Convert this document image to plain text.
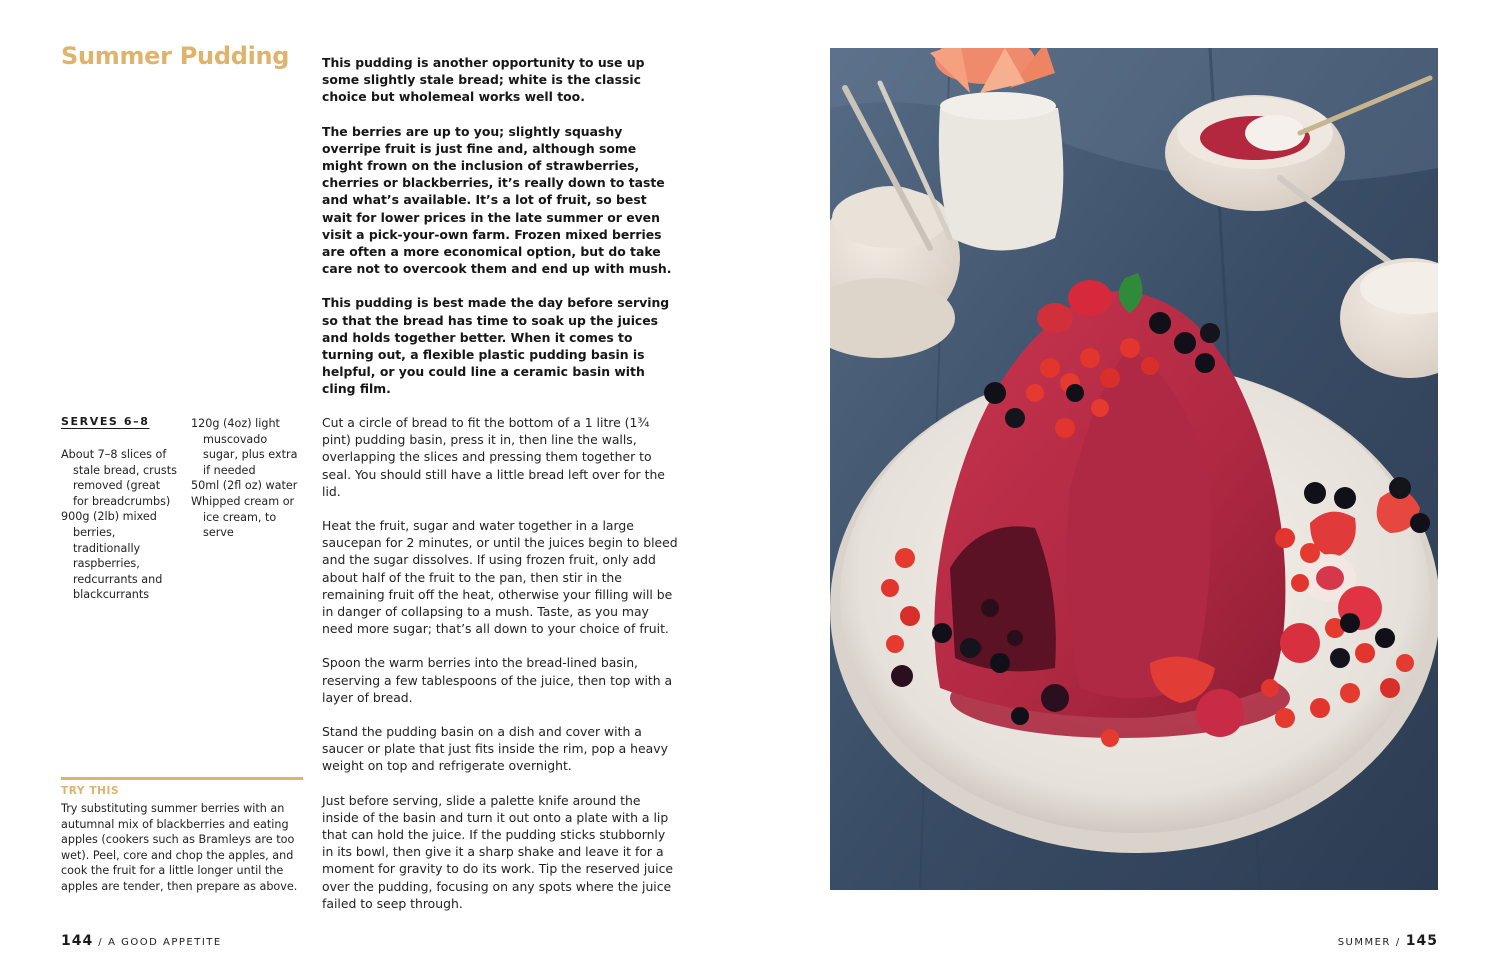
Summer Pudding	This pudding is another opportunity to use up some slightly stale bread; white is the classic choice but wholemeal works well too.

The berries are up to you; slightly squashy overripe fruit is just fine and, although some might frown on the inclusion of strawberries, cherries or blackberries, it’s really down to taste and what’s available. It’s a lot of fruit, so best wait for lower prices in the late summer or even visit a pick-your-own farm. Frozen mixed berries are often a more economical option, but do take care not to overcook them and end up with mush.

This pudding is best made the day before serving so that the bread has time to soak up the juices and holds together better. When it comes to turning out, a flexible plastic pudding basin is helpful, or you could line a ceramic basin with cling film.

SERVES 6–8
About 7–8 slices of stale bread, crusts removed (great for breadcrumbs)
900g (2lb) mixed berries, traditionally raspberries, redcurrants and blackcurrants
120g (4oz) light muscovado sugar, plus extra if needed
50ml (2fl oz) water
Whipped cream or ice cream, to serve

Cut a circle of bread to fit the bottom of a 1 litre (1¾ pint) pudding basin, press it in, then line the walls, overlapping the slices and pressing them together to seal. You should still have a little bread left over for the lid.

Heat the fruit, sugar and water together in a large saucepan for 2 minutes, or until the juices begin to bleed and the sugar dissolves. If using frozen fruit, only add about half of the fruit to the pan, then stir in the remaining fruit off the heat, otherwise your filling will be in danger of collapsing to a mush. Taste, as you may need more sugar; that’s all down to your choice of fruit.

Spoon the warm berries into the bread-lined basin, reserving a few tablespoons of the juice, then top with a layer of bread.

Stand the pudding basin on a dish and cover with a saucer or plate that just fits inside the rim, pop a heavy weight on top and refrigerate overnight.

Just before serving, slide a palette knife around the inside of the basin and turn it out onto a plate with a lip that can hold the juice. If the pudding sticks stubbornly in its bowl, then give it a sharp shake and leave it for a moment for gravity to do its work. Tip the reserved juice over the pudding, focusing on any spots where the juice failed to seep through.

TRY THIS
Try substituting summer berries with an autumnal mix of blackberries and eating apples (cookers such as Bramleys are too wet). Peel, core and chop the apples, and cook the fruit for a little longer until the apples are tender, then prepare as above.
144 / A GOOD APPETITE	SUMMER / 145
